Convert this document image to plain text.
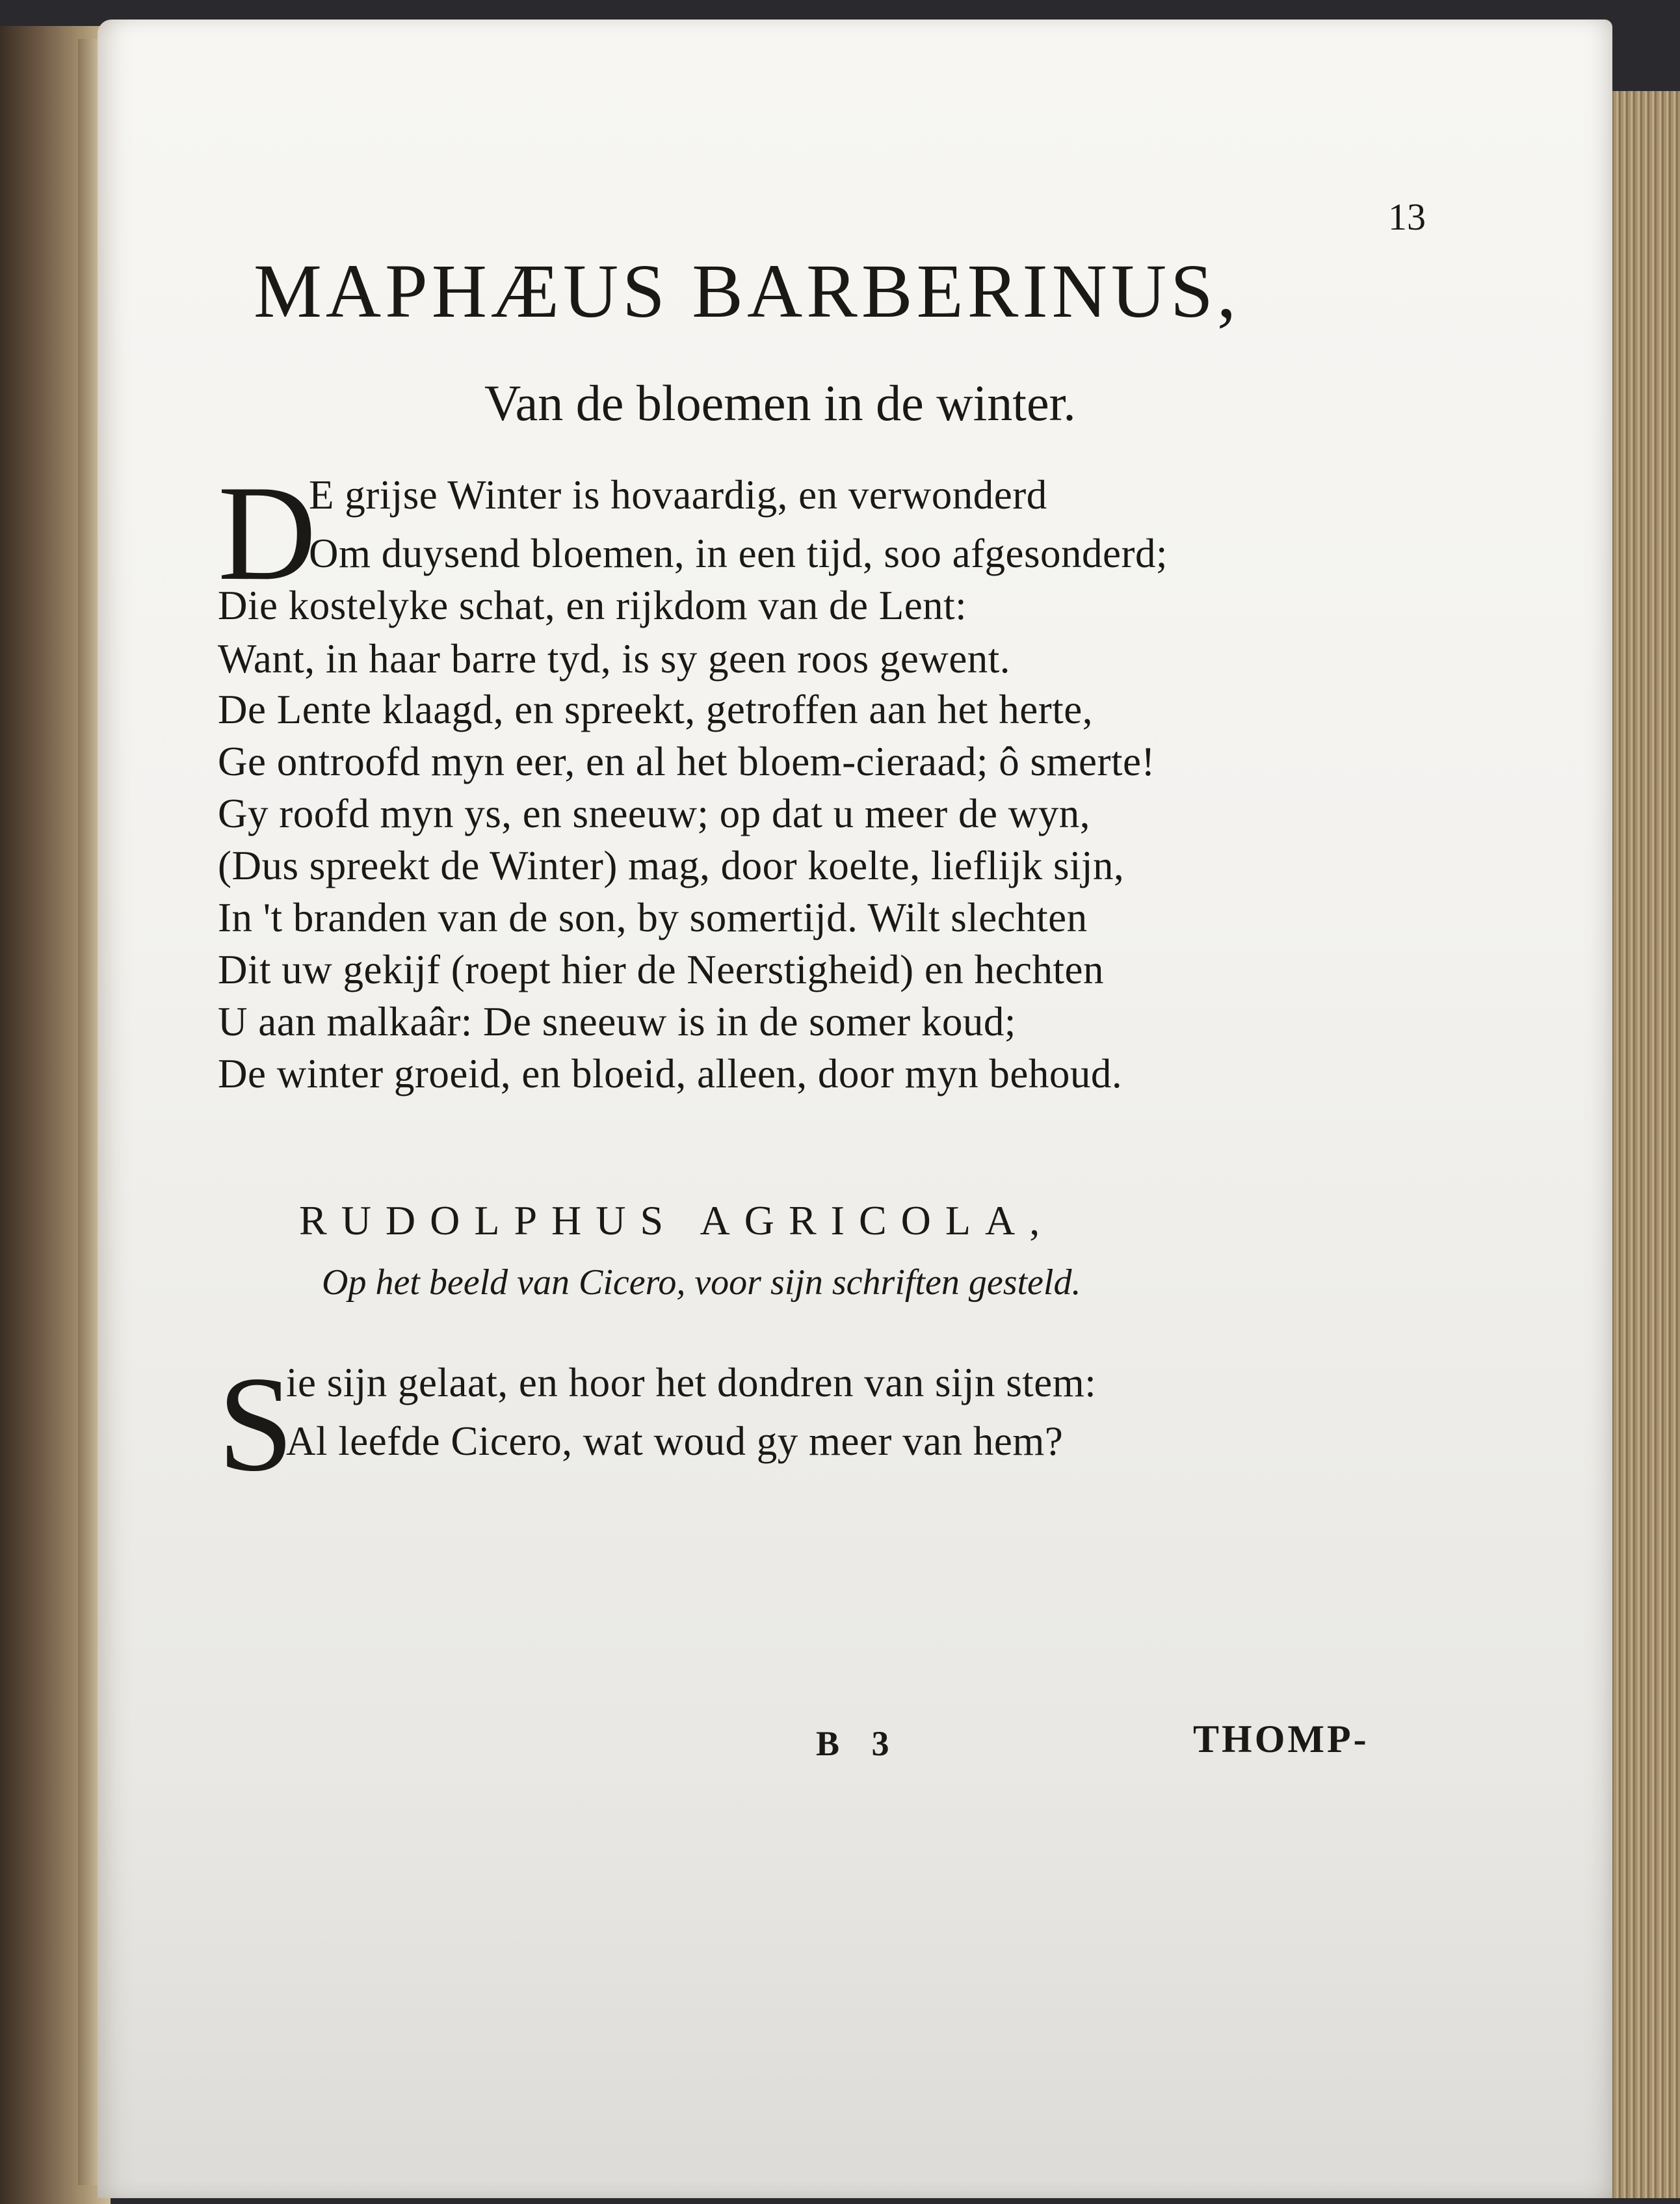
13
MAPHÆUS BARBERINUS,
Van de bloemen in de winter.
D
E grijse Winter is hovaardig, en verwonderd
Om duysend bloemen, in een tijd, soo afgesonderd;
Die kostelyke schat, en rijkdom van de Lent:
Want, in haar barre tyd, is sy geen roos gewent.
De Lente klaagd, en spreekt, getroffen aan het herte,
Ge ontroofd myn eer, en al het bloem-cieraad; ô smerte!
Gy roofd myn ys, en sneeuw; op dat u meer de wyn,
(Dus spreekt de Winter) mag, door koelte, lieflijk sijn,
In 't branden van de son, by somertijd. Wilt slechten
Dit uw gekijf (roept hier de Neerstigheid) en hechten
U aan malkaâr: De sneeuw is in de somer koud;
De winter groeid, en bloeid, alleen, door myn behoud.
RUDOLPHUS AGRICOLA,
Op het beeld van Cicero, voor sijn schriften gesteld.
S
ie sijn gelaat, en hoor het dondren van sijn stem:
Al leefde Cicero, wat woud gy meer van hem?
B 3	THOMP-
